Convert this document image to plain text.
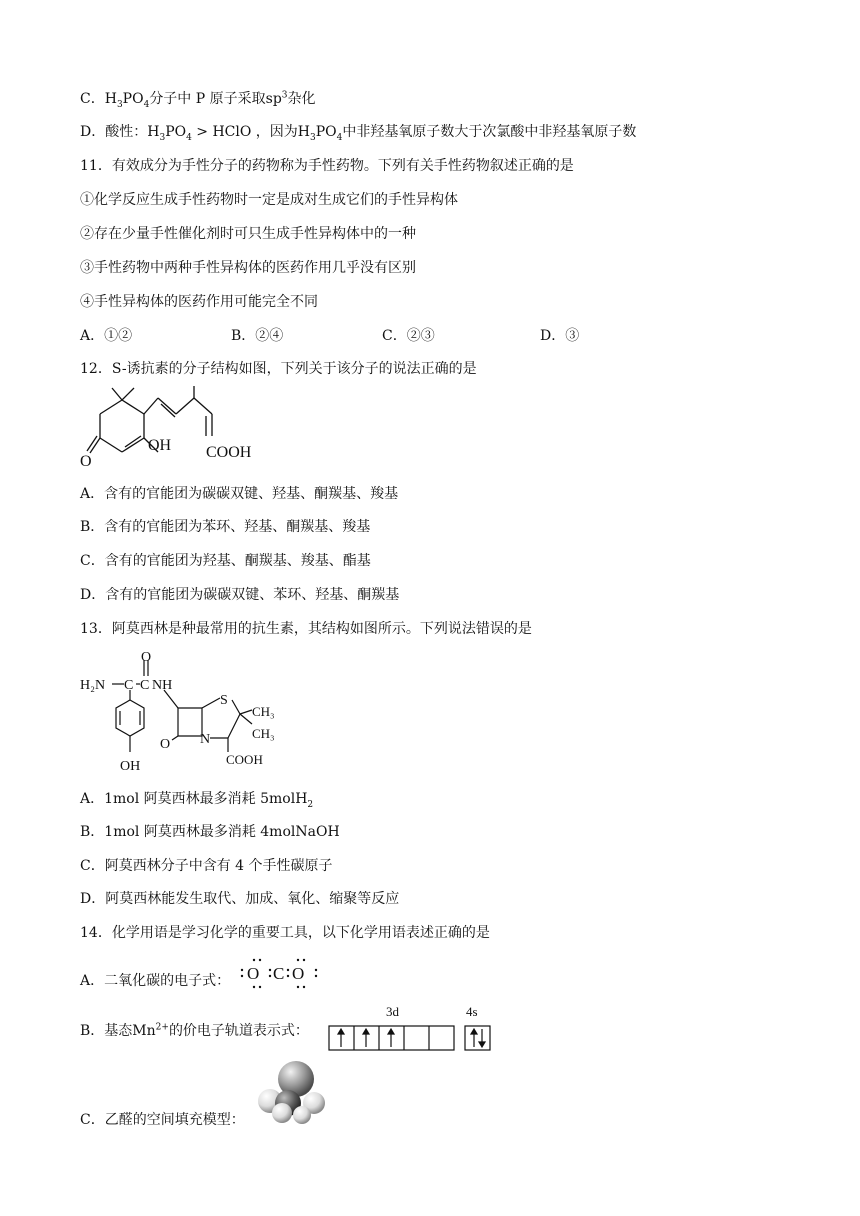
C．$H_3PO_4$分子中 P 原子采取$sp^3$杂化
D．酸性：$H_3PO_4$ > HClO ，因为$H_3PO_4$中非羟基氧原子数大于次氯酸中非羟基氧原子数
11．有效成分为手性分子的药物称为手性药物。下列有关手性药物叙述正确的是
①化学反应生成手性药物时一定是成对生成它们的手性异构体
②存在少量手性催化剂时可只生成手性异构体中的一种
③手性药物中两种手性异构体的医药作用几乎没有区别
④手性异构体的医药作用可能完全不同
A．①②	B．②④	C．②③	D．③
12．S-诱抗素的分子结构如图，下列关于该分子的说法正确的是
OH COOH
O
A．含有的官能团为碳碳双键、羟基、酮羰基、羧基
B．含有的官能团为苯环、羟基、酮羰基、羧基
C．含有的官能团为羟基、酮羰基、羧基、酯基
D．含有的官能团为碳碳双键、苯环、羟基、酮羰基
13．阿莫西林是种最常用的抗生素，其结构如图所示。下列说法错误的是
H₂N C C NH
O
S
CH₃
CH₃
O N
COOH
OH
A．1mol 阿莫西林最多消耗 5molH$_2$
B．1mol 阿莫西林最多消耗 4molNaOH
C．阿莫西林分子中含有 4 个手性碳原子
D．阿莫西林能发生取代、加成、氧化、缩聚等反应
14．化学用语是学习化学的重要工具，以下化学用语表述正确的是
A．二氧化碳的电子式： O C O
B．基态$Mn^{2+}$的价电子轨道表示式：
3d	4s
C．乙醛的空间填充模型：
